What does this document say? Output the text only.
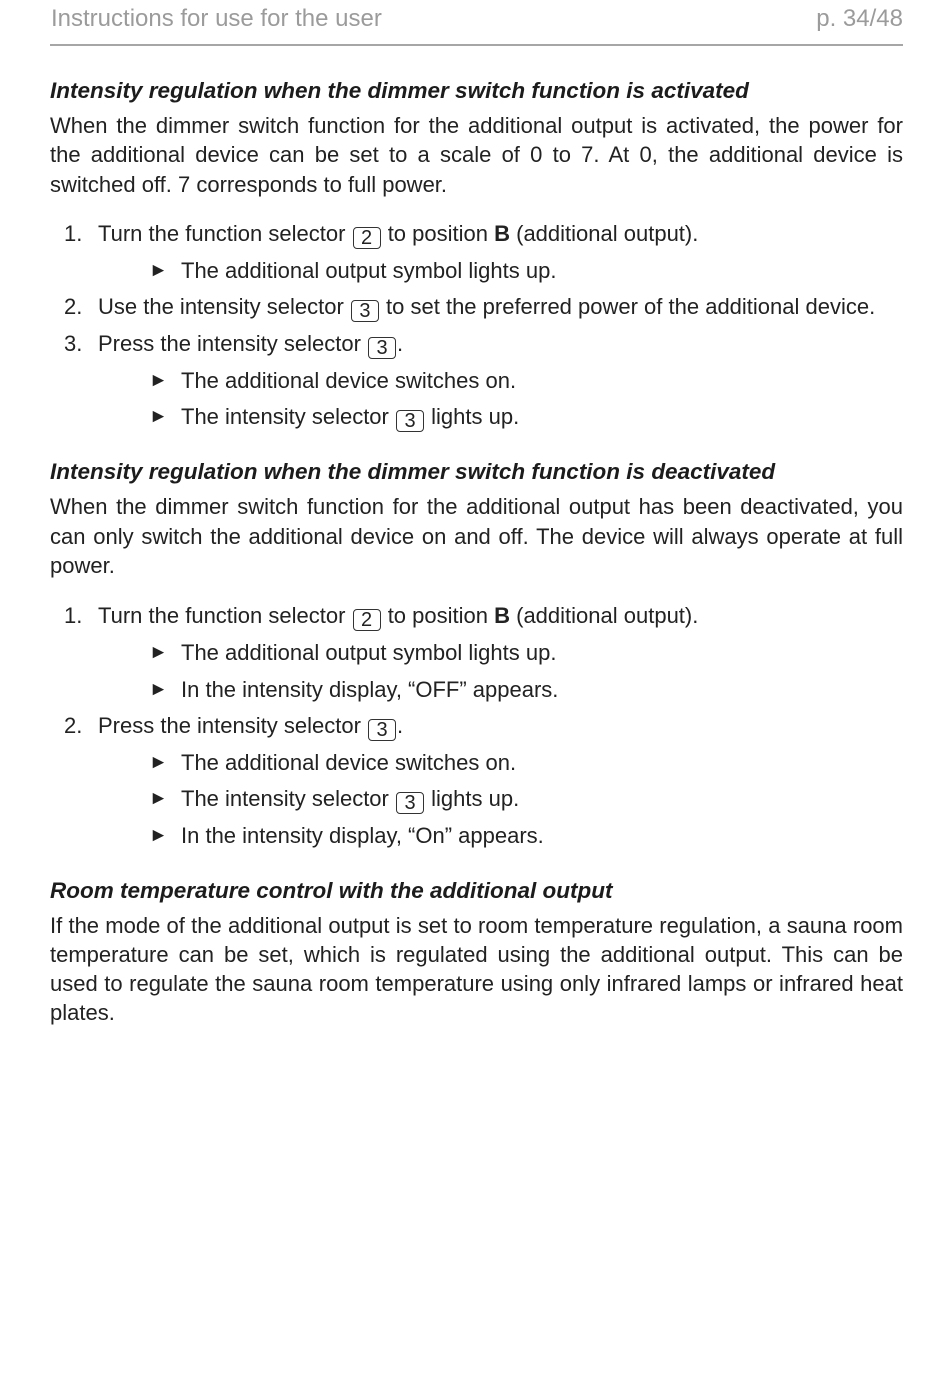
Instructions for use for the user	p. 34/48
Intensity regulation when the dimmer switch function is activated

When the dimmer switch function for the additional output is activated, the power for the additional device can be set to a scale of 0 to 7. At 0, the additional device is switched off. 7 corresponds to full power.

1. Turn the function selector 2 to position B (additional output).
► The additional output symbol lights up.
2. Use the intensity selector 3 to set the preferred power of the additional device.
3. Press the intensity selector 3 .
► The additional device switches on.
► The intensity selector 3 lights up.
Intensity regulation when the dimmer switch function is deactivated

When the dimmer switch function for the additional output has been deactivated, you can only switch the additional device on and off. The device will always operate at full power.

1. Turn the function selector 2 to position B (additional output).
► The additional output symbol lights up.
► In the intensity display, “OFF” appears.
2. Press the intensity selector 3 .
► The additional device switches on.
► The intensity selector 3 lights up.
► In the intensity display, “On” appears.
Room temperature control with the additional output

If the mode of the additional output is set to room temperature regulation, a sauna room temperature can be set, which is regulated using the additional output. This can be used to regulate the sauna room temperature using only infrared lamps or infrared heat plates.
